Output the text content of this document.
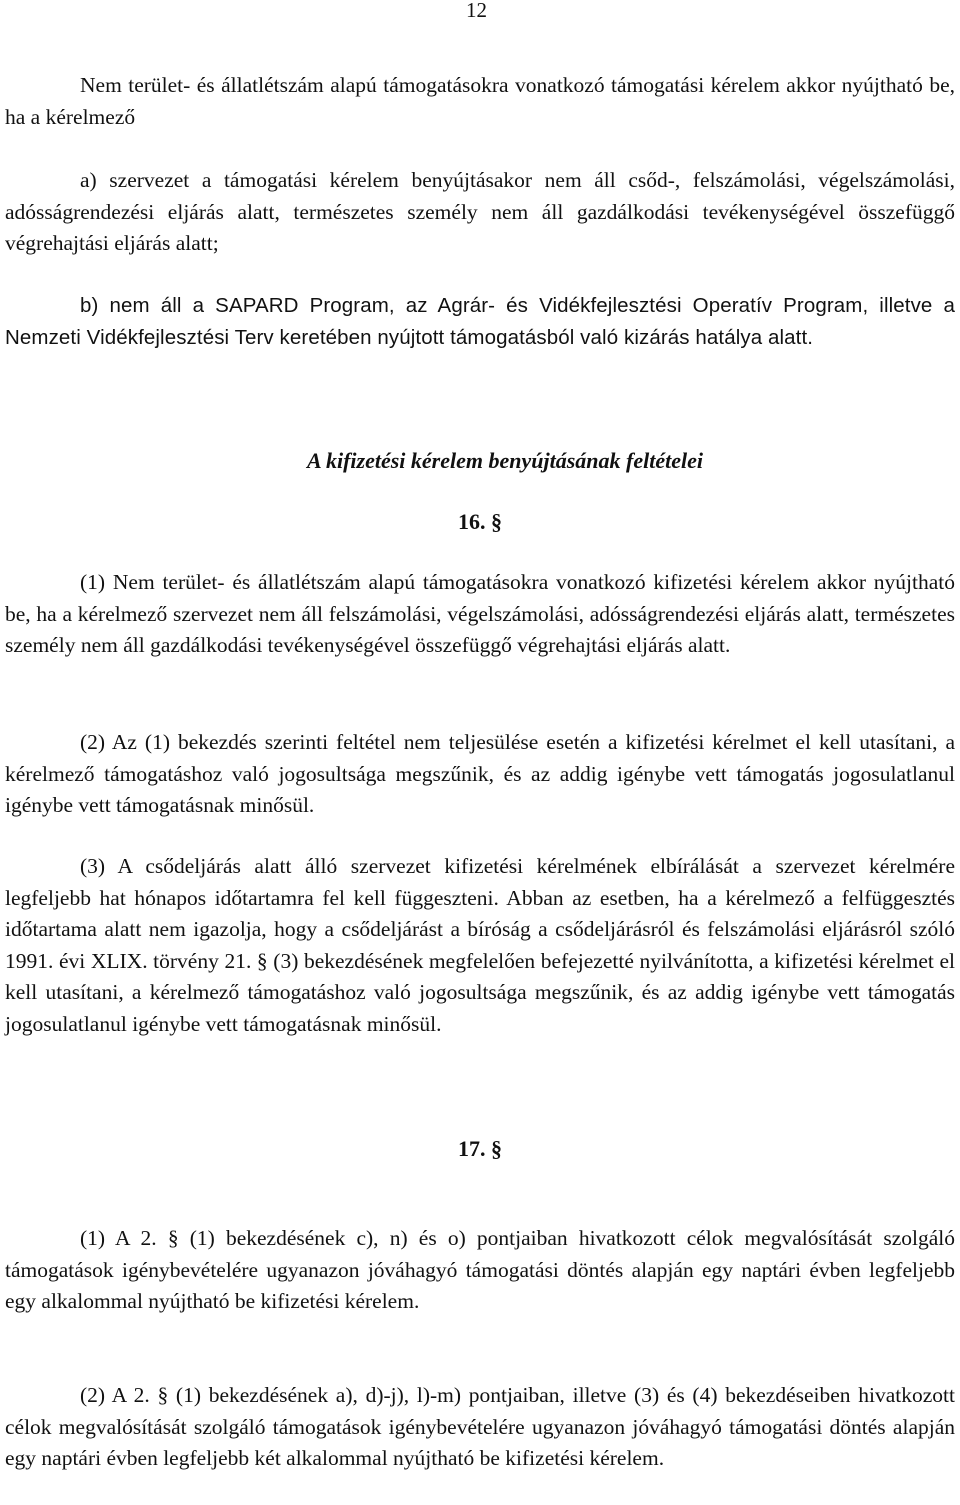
12

Nem terület- és állatlétszám alapú támogatásokra vonatkozó támogatási kérelem akkor nyújtható be, ha a kérelmező

a) szervezet a támogatási kérelem benyújtásakor nem áll csőd-, felszámolási, végelszámolási, adósságrendezési eljárás alatt, természetes személy nem áll gazdálkodási tevékenységével összefüggő végrehajtási eljárás alatt;

b) nem áll a SAPARD Program, az Agrár- és Vidékfejlesztési Operatív Program, illetve a Nemzeti Vidékfejlesztési Terv keretében nyújtott támogatásból való kizárás hatálya alatt.

A kifizetési kérelem benyújtásának feltételei

16. §

(1) Nem terület- és állatlétszám alapú támogatásokra vonatkozó kifizetési kérelem akkor nyújtható be, ha a kérelmező szervezet nem áll felszámolási, végelszámolási, adósságrendezési eljárás alatt, természetes személy nem áll gazdálkodási tevékenységével összefüggő végrehajtási eljárás alatt.

(2) Az (1) bekezdés szerinti feltétel nem teljesülése esetén a kifizetési kérelmet el kell utasítani, a kérelmező támogatáshoz való jogosultsága megszűnik, és az addig igénybe vett támogatás jogosulatlanul igénybe vett támogatásnak minősül.

(3) A csődeljárás alatt álló szervezet kifizetési kérelmének elbírálását a szervezet kérelmére legfeljebb hat hónapos időtartamra fel kell függeszteni. Abban az esetben, ha a kérelmező a felfüggesztés időtartama alatt nem igazolja, hogy a csődeljárást a bíróság a csődeljárásról és felszámolási eljárásról szóló 1991. évi XLIX. törvény 21. § (3) bekezdésének megfelelően befejezetté nyilvánította, a kifizetési kérelmet el kell utasítani, a kérelmező támogatáshoz való jogosultsága megszűnik, és az addig igénybe vett támogatás jogosulatlanul igénybe vett támogatásnak minősül.

17. §

(1) A 2. § (1) bekezdésének c), n) és o) pontjaiban hivatkozott célok megvalósítását szolgáló támogatások igénybevételére ugyanazon jóváhagyó támogatási döntés alapján egy naptári évben legfeljebb egy alkalommal nyújtható be kifizetési kérelem.

(2) A 2. § (1) bekezdésének a), d)-j), l)-m) pontjaiban, illetve (3) és (4) bekezdéseiben hivatkozott célok megvalósítását szolgáló támogatások igénybevételére ugyanazon jóváhagyó támogatási döntés alapján egy naptári évben legfeljebb két alkalommal nyújtható be kifizetési kérelem.
